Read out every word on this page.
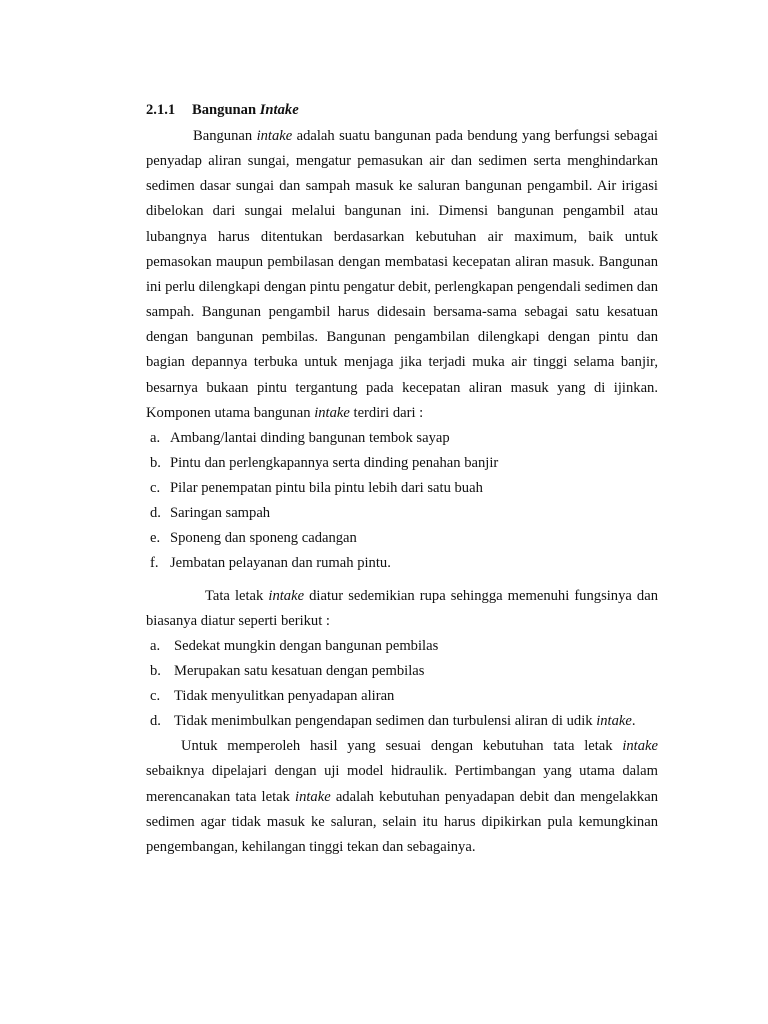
2.1.1 Bangunan Intake

Bangunan intake adalah suatu bangunan pada bendung yang berfungsi sebagai penyadap aliran sungai, mengatur pemasukan air dan sedimen serta menghindarkan sedimen dasar sungai dan sampah masuk ke saluran bangunan pengambil. Air irigasi dibelokan dari sungai melalui bangunan ini. Dimensi bangunan pengambil atau lubangnya harus ditentukan berdasarkan kebutuhan air maximum, baik untuk pemasokan maupun pembilasan dengan membatasi kecepatan aliran masuk. Bangunan ini perlu dilengkapi dengan pintu pengatur debit, perlengkapan pengendali sedimen dan sampah. Bangunan pengambil harus didesain bersama-sama sebagai satu kesatuan dengan bangunan pembilas. Bangunan pengambilan dilengkapi dengan pintu dan bagian depannya terbuka untuk menjaga jika terjadi muka air tinggi selama banjir, besarnya bukaan pintu tergantung pada kecepatan aliran masuk yang di ijinkan. Komponen utama bangunan intake terdiri dari :

a. Ambang/lantai dinding bangunan tembok sayap
b. Pintu dan perlengkapannya serta dinding penahan banjir
c. Pilar penempatan pintu bila pintu lebih dari satu buah
d. Saringan sampah
e. Sponeng dan sponeng cadangan
f. Jembatan pelayanan dan rumah pintu.

Tata letak intake diatur sedemikian rupa sehingga memenuhi fungsinya dan biasanya diatur seperti berikut :

a. Sedekat mungkin dengan bangunan pembilas
b. Merupakan satu kesatuan dengan pembilas
c. Tidak menyulitkan penyadapan aliran
d. Tidak menimbulkan pengendapan sedimen dan turbulensi aliran di udik intake.

Untuk memperoleh hasil yang sesuai dengan kebutuhan tata letak intake sebaiknya dipelajari dengan uji model hidraulik. Pertimbangan yang utama dalam merencanakan tata letak intake adalah kebutuhan penyadapan debit dan mengelakkan sedimen agar tidak masuk ke saluran, selain itu harus dipikirkan pula kemungkinan pengembangan, kehilangan tinggi tekan dan sebagainya.
